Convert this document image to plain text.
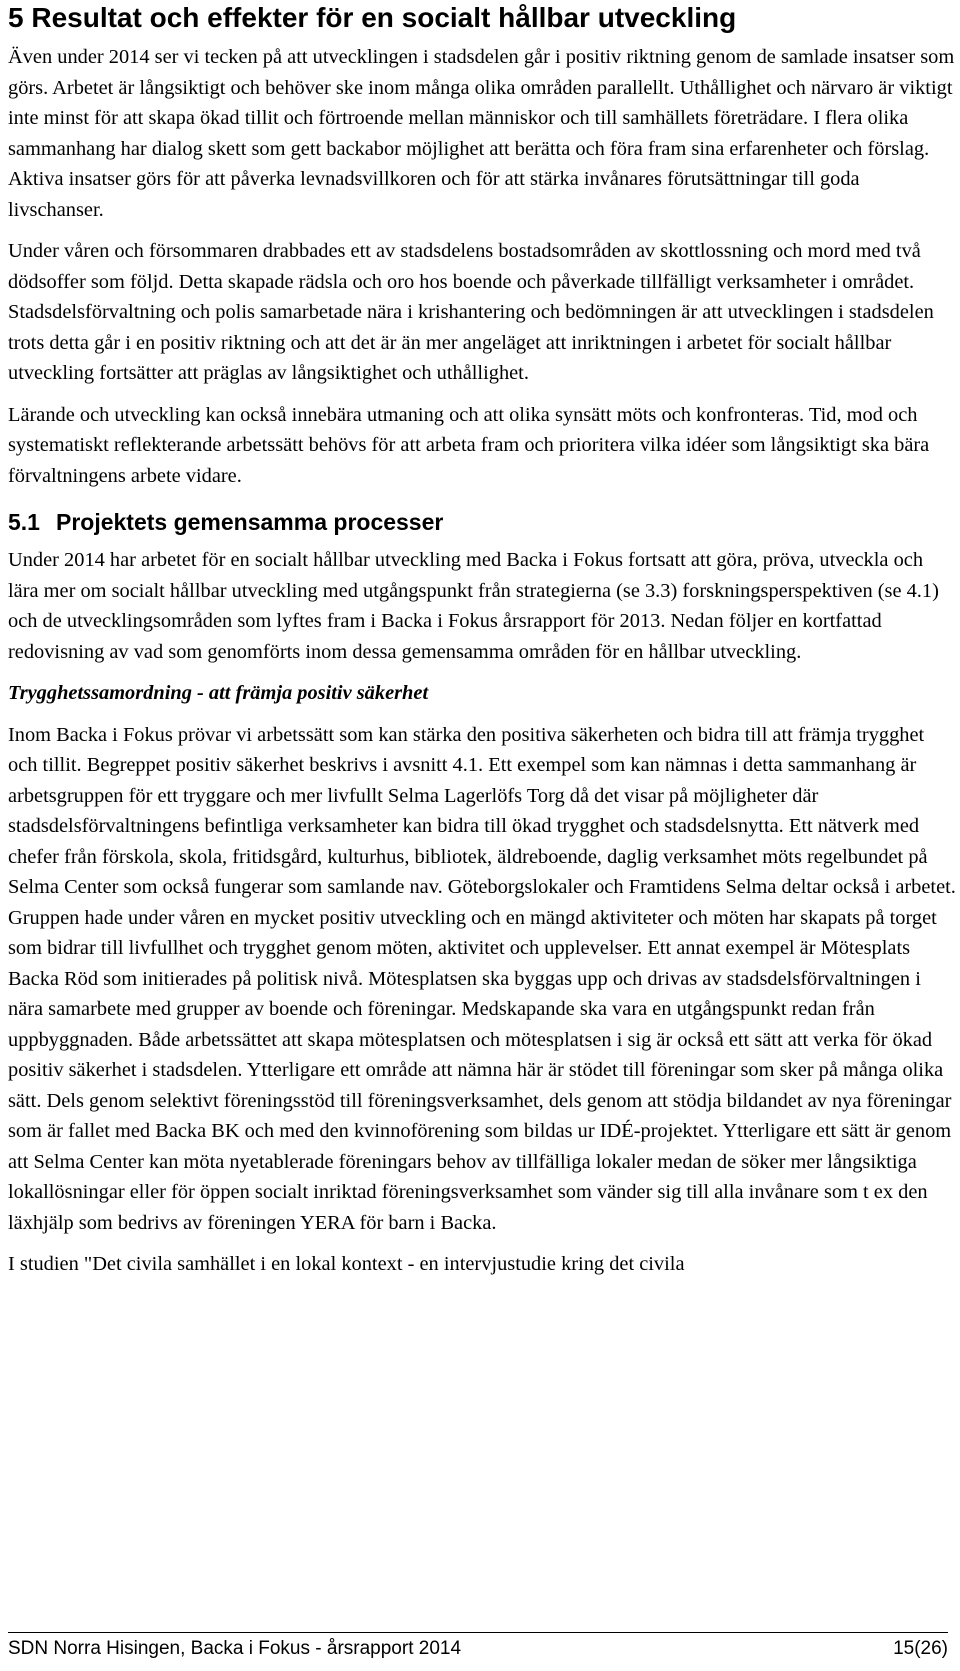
5 Resultat och effekter för en socialt hållbar utveckling

Även under 2014 ser vi tecken på att utvecklingen i stadsdelen går i positiv riktning genom de samlade insatser som görs. Arbetet är långsiktigt och behöver ske inom många olika områden parallellt. Uthållighet och närvaro är viktigt inte minst för att skapa ökad tillit och förtroende mellan människor och till samhällets företrädare. I flera olika sammanhang har dialog skett som gett backabor möjlighet att berätta och föra fram sina erfarenheter och förslag. Aktiva insatser görs för att påverka levnadsvillkoren och för att stärka invånares förutsättningar till goda livschanser.

Under våren och försommaren drabbades ett av stadsdelens bostadsområden av skottlossning och mord med två dödsoffer som följd. Detta skapade rädsla och oro hos boende och påverkade tillfälligt verksamheter i området. Stadsdelsförvaltning och polis samarbetade nära i krishantering och bedömningen är att utvecklingen i stadsdelen trots detta går i en positiv riktning och att det är än mer angeläget att inriktningen i arbetet för socialt hållbar utveckling fortsätter att präglas av långsiktighet och uthållighet.

Lärande och utveckling kan också innebära utmaning och att olika synsätt möts och konfronteras. Tid, mod och systematiskt reflekterande arbetssätt behövs för att arbeta fram och prioritera vilka idéer som långsiktigt ska bära förvaltningens arbete vidare.

5.1 Projektets gemensamma processer

Under 2014 har arbetet för en socialt hållbar utveckling med Backa i Fokus fortsatt att göra, pröva, utveckla och lära mer om socialt hållbar utveckling med utgångspunkt från strategierna (se 3.3) forskningsperspektiven (se 4.1) och de utvecklingsområden som lyftes fram i Backa i Fokus årsrapport för 2013. Nedan följer en kortfattad redovisning av vad som genomförts inom dessa gemensamma områden för en hållbar utveckling.

Trygghetssamordning - att främja positiv säkerhet

Inom Backa i Fokus prövar vi arbetssätt som kan stärka den positiva säkerheten och bidra till att främja trygghet och tillit. Begreppet positiv säkerhet beskrivs i avsnitt 4.1. Ett exempel som kan nämnas i detta sammanhang är arbetsgruppen för ett tryggare och mer livfullt Selma Lagerlöfs Torg då det visar på möjligheter där stadsdelsförvaltningens befintliga verksamheter kan bidra till ökad trygghet och stadsdelsnytta. Ett nätverk med chefer från förskola, skola, fritidsgård, kulturhus, bibliotek, äldreboende, daglig verksamhet möts regelbundet på Selma Center som också fungerar som samlande nav. Göteborgslokaler och Framtidens Selma deltar också i arbetet. Gruppen hade under våren en mycket positiv utveckling och en mängd aktiviteter och möten har skapats på torget som bidrar till livfullhet och trygghet genom möten, aktivitet och upplevelser. Ett annat exempel är Mötesplats Backa Röd som initierades på politisk nivå. Mötesplatsen ska byggas upp och drivas av stadsdelsförvaltningen i nära samarbete med grupper av boende och föreningar. Medskapande ska vara en utgångspunkt redan från uppbyggnaden. Både arbetssättet att skapa mötesplatsen och mötesplatsen i sig är också ett sätt att verka för ökad positiv säkerhet i stadsdelen. Ytterligare ett område att nämna här är stödet till föreningar som sker på många olika sätt. Dels genom selektivt föreningsstöd till föreningsverksamhet, dels genom att stödja bildandet av nya föreningar som är fallet med Backa BK och med den kvinnoförening som bildas ur IDÉ-projektet. Ytterligare ett sätt är genom att Selma Center kan möta nyetablerade föreningars behov av tillfälliga lokaler medan de söker mer långsiktiga lokallösningar eller för öppen socialt inriktad föreningsverksamhet som vänder sig till alla invånare som t ex den läxhjälp som bedrivs av föreningen YERA för barn i Backa.

I studien "Det civila samhället i en lokal kontext - en intervjustudie kring det civila

SDN Norra Hisingen, Backa i Fokus - årsrapport 2014	15(26)
